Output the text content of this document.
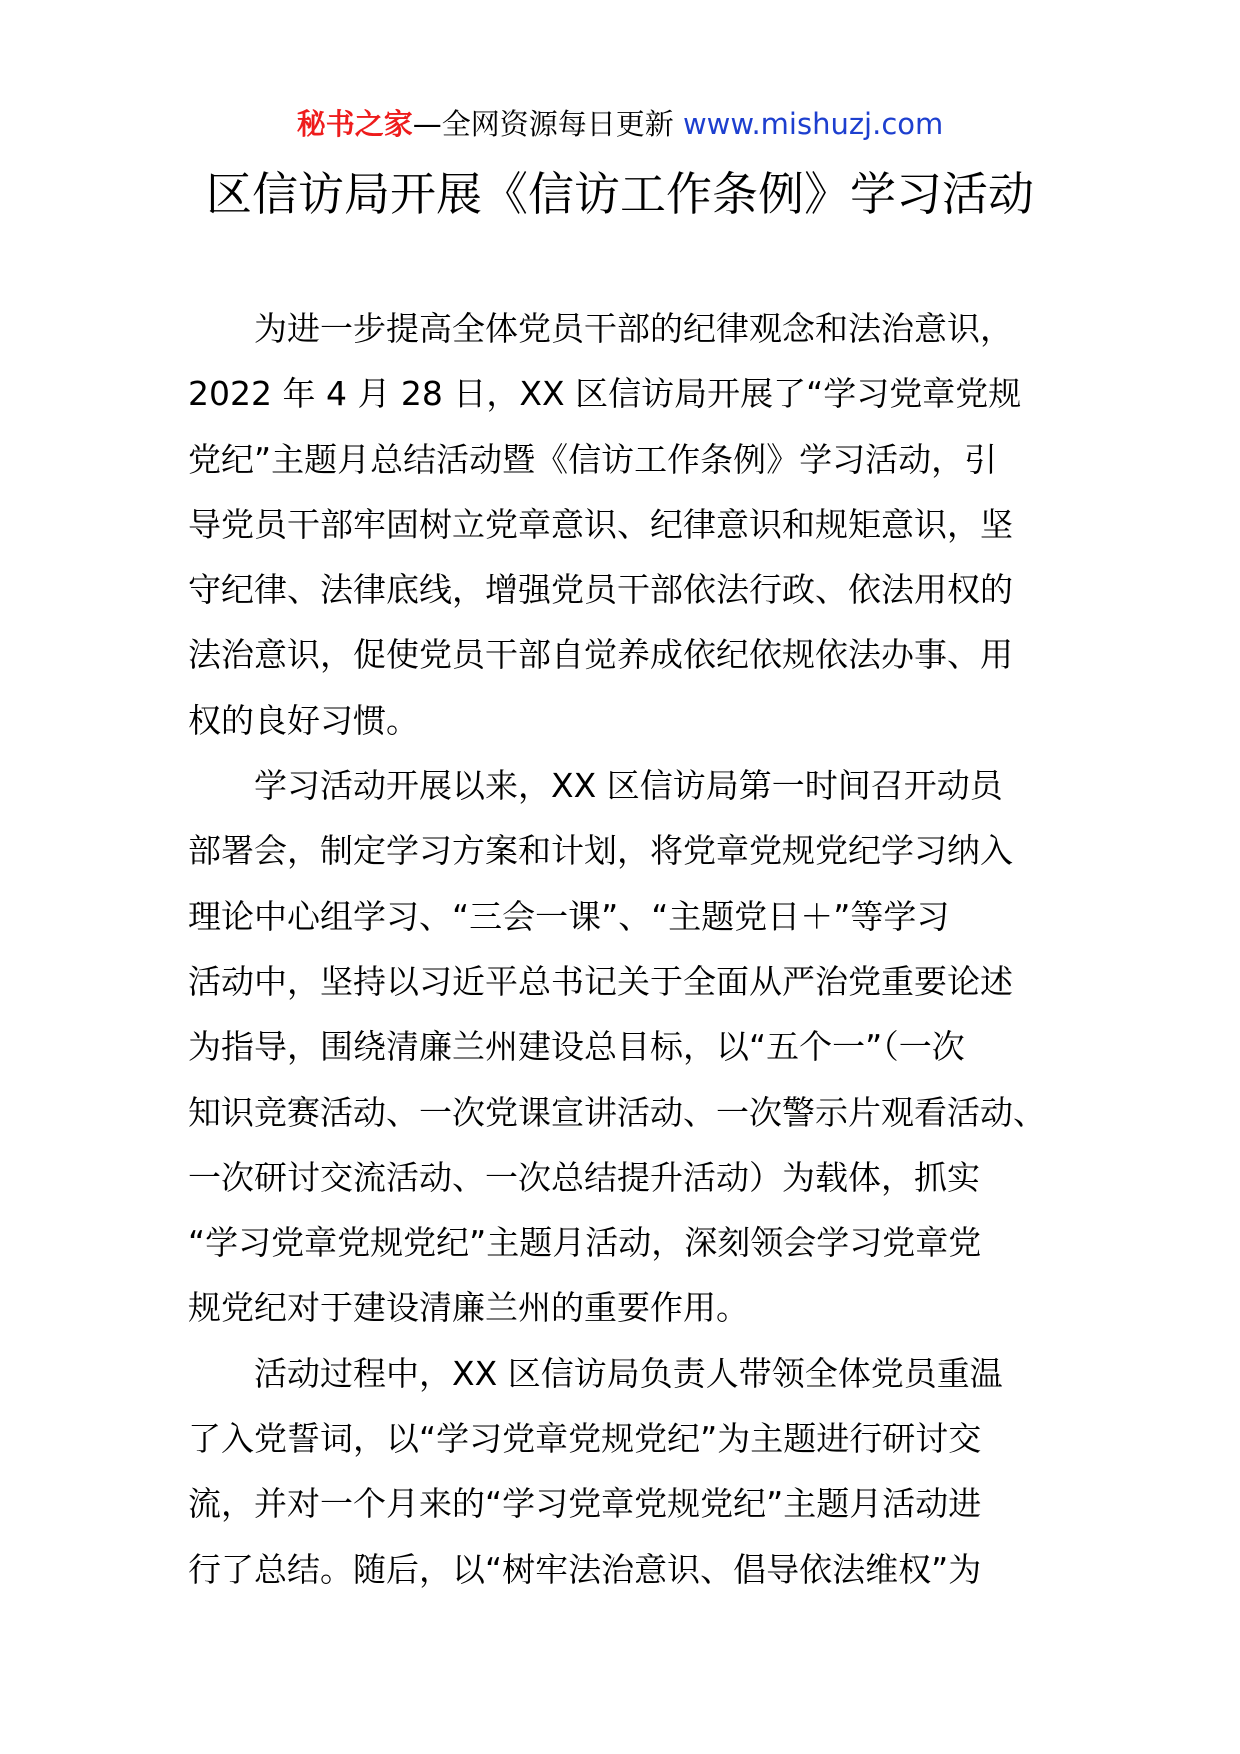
秘书之家—全网资源每日更新 www.mishuzj.com
区信访局开展《信访工作条例》学习活动

为进一步提高全体党员干部的纪律观念和法治意识，
2022 年 4 月 28 日，XX 区信访局开展了“学习党章党规
党纪”主题月总结活动暨《信访工作条例》学习活动，引
导党员干部牢固树立党章意识、纪律意识和规矩意识，坚
守纪律、法律底线，增强党员干部依法行政、依法用权的
法治意识，促使党员干部自觉养成依纪依规依法办事、用
权的良好习惯。

学习活动开展以来，XX 区信访局第一时间召开动员
部署会，制定学习方案和计划，将党章党规党纪学习纳入
理论中心组学习、“三会一课”、“主题党日＋”等学习
活动中，坚持以习近平总书记关于全面从严治党重要论述
为指导，围绕清廉兰州建设总目标，以“五个一”（一次
知识竞赛活动、一次党课宣讲活动、一次警示片观看活动、
一次研讨交流活动、一次总结提升活动）为载体，抓实
“学习党章党规党纪”主题月活动，深刻领会学习党章党
规党纪对于建设清廉兰州的重要作用。

活动过程中，XX 区信访局负责人带领全体党员重温
了入党誓词，以“学习党章党规党纪”为主题进行研讨交
流，并对一个月来的“学习党章党规党纪”主题月活动进
行了总结。随后，以“树牢法治意识、倡导依法维权”为
